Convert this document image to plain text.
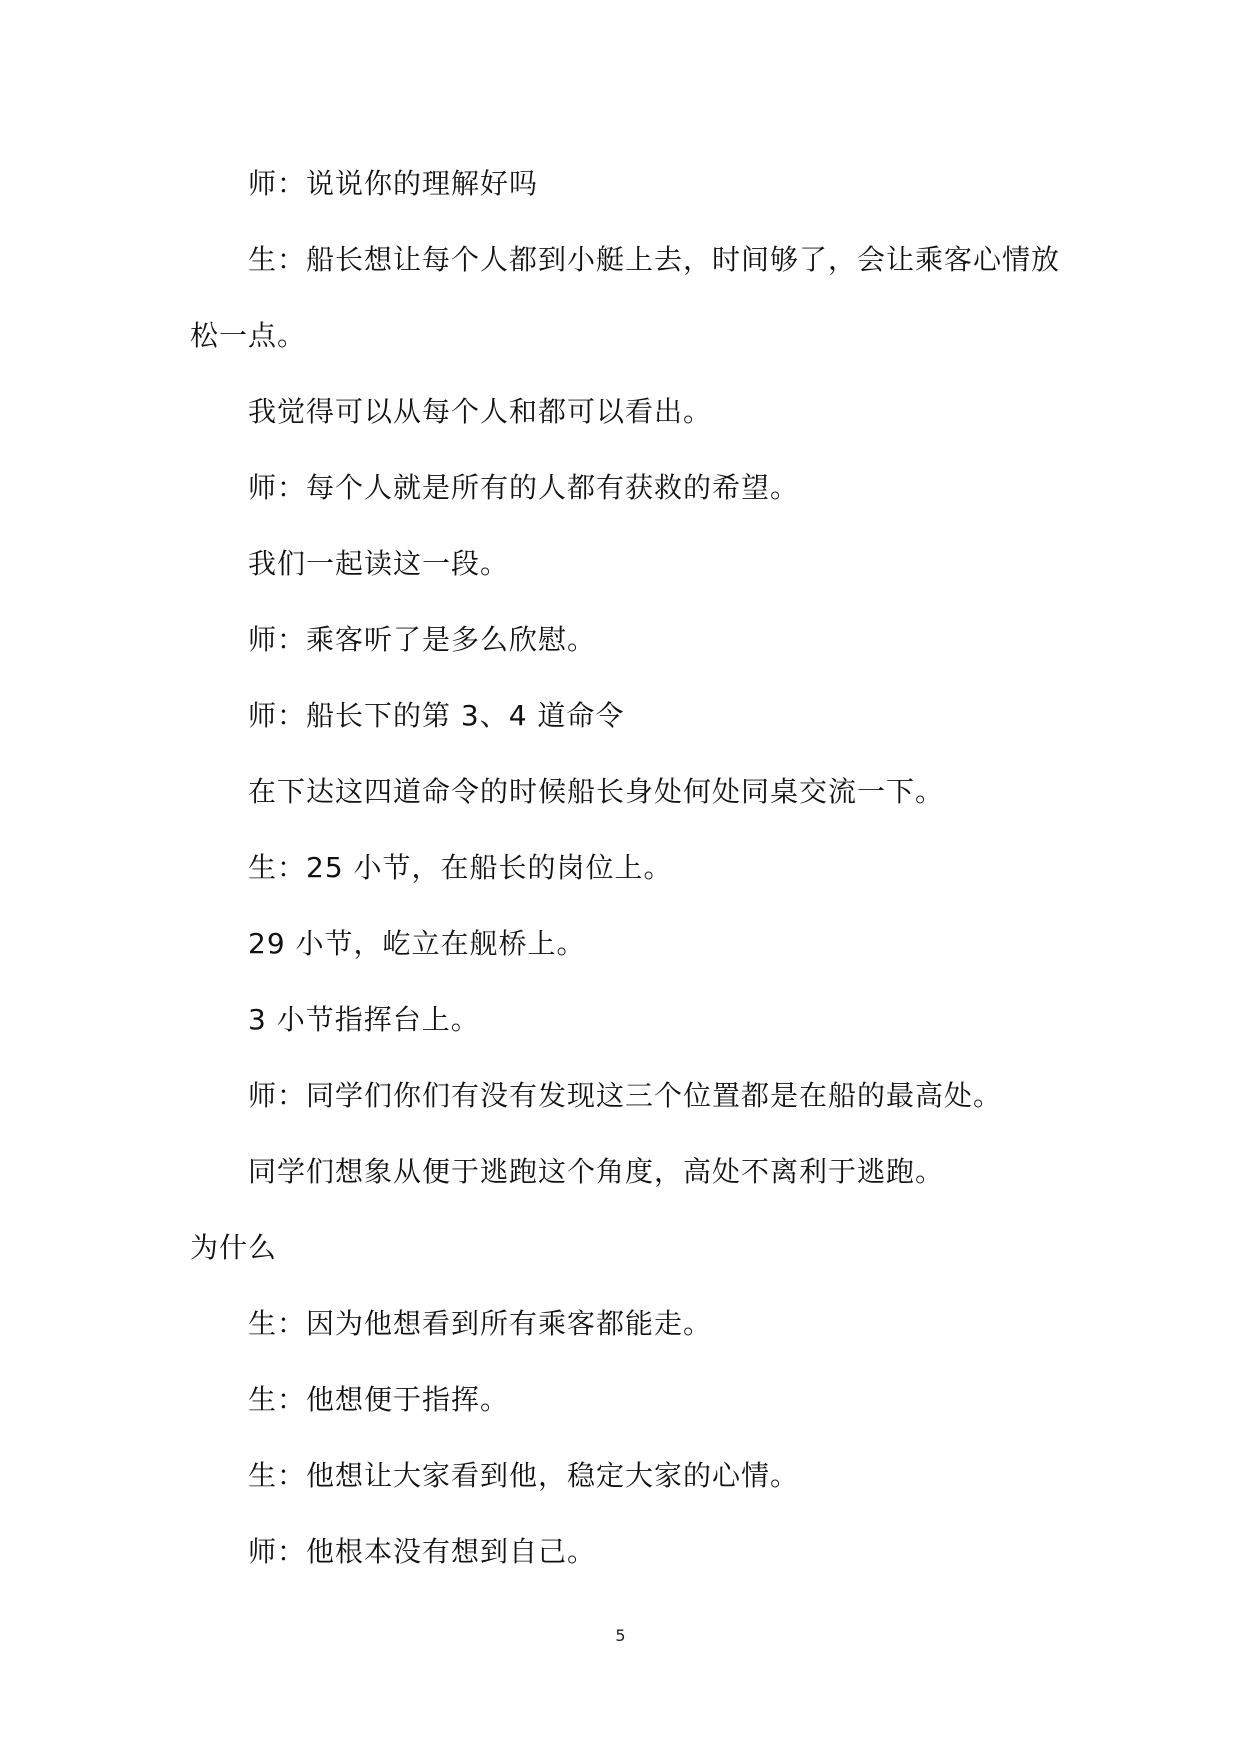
师：说说你的理解好吗

生：船长想让每个人都到小艇上去，时间够了，会让乘客心情放松一点。

我觉得可以从每个人和都可以看出。

师：每个人就是所有的人都有获救的希望。

我们一起读这一段。

师：乘客听了是多么欣慰。

师：船长下的第 3、4 道命令

在下达这四道命令的时候船长身处何处同桌交流一下。

生：25 小节，在船长的岗位上。

29 小节，屹立在舰桥上。

3 小节指挥台上。

师：同学们你们有没有发现这三个位置都是在船的最高处。

同学们想象从便于逃跑这个角度，高处不离利于逃跑。

为什么

生：因为他想看到所有乘客都能走。

生：他想便于指挥。

生：他想让大家看到他，稳定大家的心情。

师：他根本没有想到自己。

5
